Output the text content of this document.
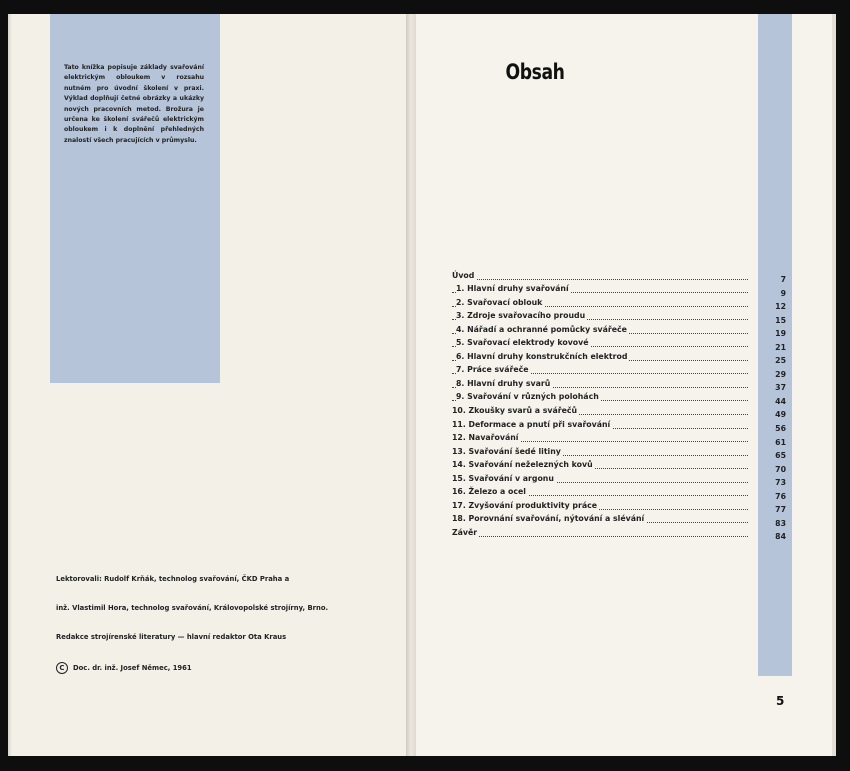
Tato knížka popisuje základy svařování elektrickým obloukem v rozsahu nutném pro úvodní školení v praxi. Výklad doplňují četné obrázky a ukázky nových pracovních metod. Brožura je určena ke školení svářečů elektrickým obloukem i k doplnění přehledných znalostí všech pracujících v průmyslu.

Lektorovali: Rudolf Krňák, technolog svařování, ČKD Praha a
inž. Vlastimil Hora, technolog svařování, Královopolské strojírny, Brno.
Redakce strojírenské literatury — hlavní redaktor Ota Kraus
C Doc. dr. inž. Josef Němec, 1961
Obsah
Úvod	7
1. Hlavní druhy svařování	9
2. Svařovací oblouk	12
3. Zdroje svařovacího proudu	15
4. Nářadí a ochranné pomůcky svářeče	19
5. Svařovací elektrody kovové	21
6. Hlavní druhy konstrukčních elektrod	25
7. Práce svářeče	29
8. Hlavní druhy svarů	37
9. Svařování v různých polohách	44
10. Zkoušky svarů a svářečů	49
11. Deformace a pnutí při svařování	56
12. Navařování	61
13. Svařování šedé litiny	65
14. Svařování neželezných kovů	70
15. Svařování v argonu	73
16. Železo a ocel	76
17. Zvyšování produktivity práce	77
18. Porovnání svařování, nýtování a slévání	83
Závěr	84
5
